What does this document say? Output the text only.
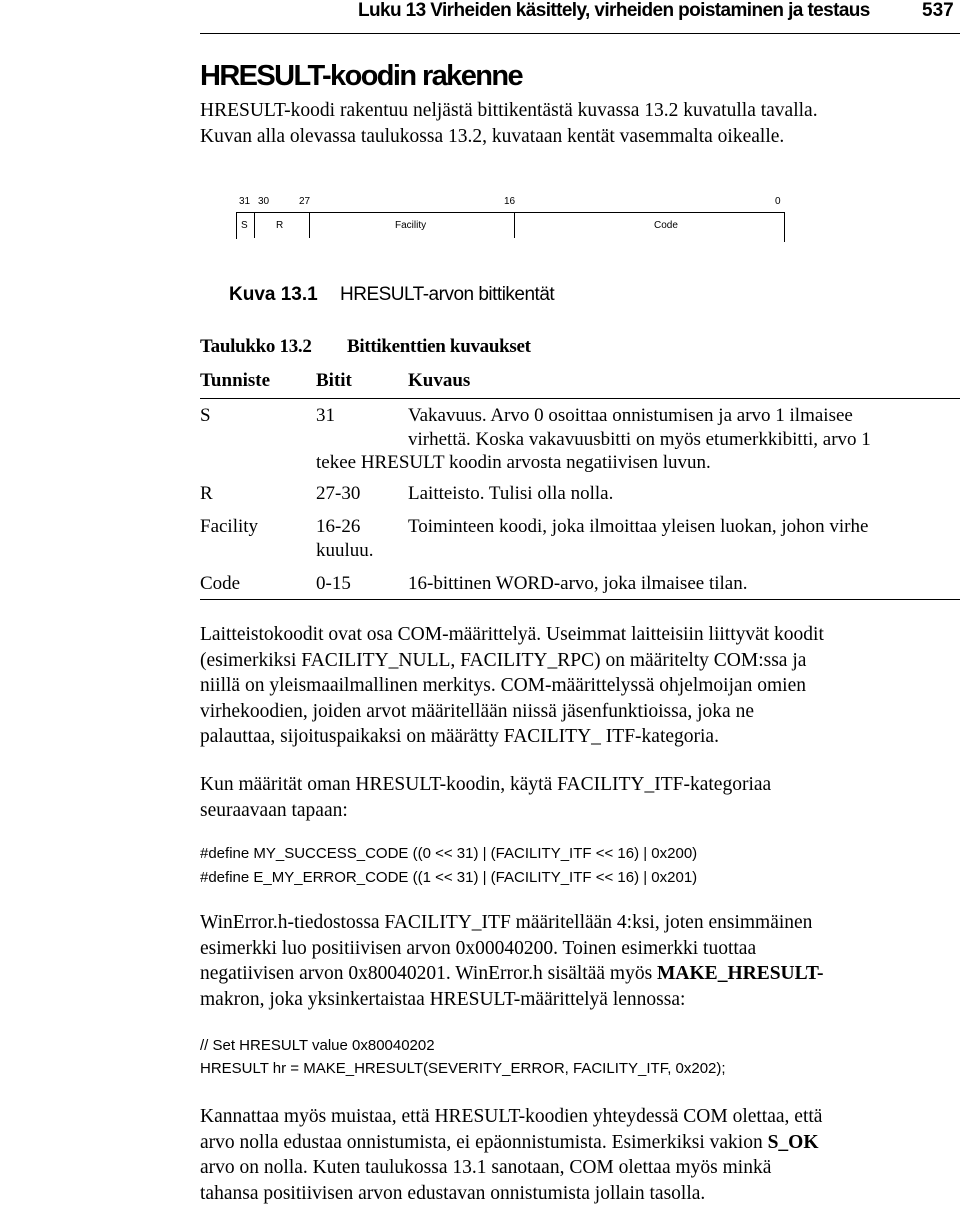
Luku 13 Virheiden käsittely, virheiden poistaminen ja testaus	537
HRESULT-koodin rakenne
HRESULT-koodi rakentuu neljästä bittikentästä kuvassa 13.2 kuvatulla tavalla.
Kuvan alla olevassa taulukossa 13.2, kuvataan kentät vasemmalta oikealle.
31 30	27	16	0
S	R	Facility	Code
Kuva 13.1 HRESULT-arvon bittikentät
Taulukko 13.2 Bittikenttien kuvaukset
Tunniste Bitit	Kuvaus
S	31	Vakavuus. Arvo 0 osoittaa onnistumisen ja arvo 1 ilmaisee
virhettä. Koska vakavuusbitti on myös etumerkkibitti, arvo 1
tekee HRESULT koodin arvosta negatiivisen luvun.
R	27-30	Laitteisto. Tulisi olla nolla.
Facility	16-26	Toiminteen koodi, joka ilmoittaa yleisen luokan, johon virhe
kuuluu.
Code	0-15	16-bittinen WORD-arvo, joka ilmaisee tilan.
Laitteistokoodit ovat osa COM-määrittelyä. Useimmat laitteisiin liittyvät koodit
(esimerkiksi FACILITY_NULL, FACILITY_RPC) on määritelty COM:ssa ja
niillä on yleismaailmallinen merkitys. COM-määrittelyssä ohjelmoijan omien
virhekoodien, joiden arvot määritellään niissä jäsenfunktioissa, joka ne
palauttaa, sijoituspaikaksi on määrätty FACILITY_ ITF-kategoria.
Kun määrität oman HRESULT-koodin, käytä FACILITY_ITF-kategoriaa
seuraavaan tapaan:
#define MY_SUCCESS_CODE ((0 << 31) | (FACILITY_ITF << 16) | 0x200)
#define E_MY_ERROR_CODE ((1 << 31) | (FACILITY_ITF << 16) | 0x201)
WinError.h-tiedostossa FACILITY_ITF määritellään 4:ksi, joten ensimmäinen
esimerkki luo positiivisen arvon 0x00040200. Toinen esimerkki tuottaa
negatiivisen arvon 0x80040201. WinError.h sisältää myös MAKE_HRESULT-
makron, joka yksinkertaistaa HRESULT-määrittelyä lennossa:
// Set HRESULT value 0x80040202
HRESULT hr = MAKE_HRESULT(SEVERITY_ERROR, FACILITY_ITF, 0x202);
Kannattaa myös muistaa, että HRESULT-koodien yhteydessä COM olettaa, että
arvo nolla edustaa onnistumista, ei epäonnistumista. Esimerkiksi vakion S_OK
arvo on nolla. Kuten taulukossa 13.1 sanotaan, COM olettaa myös minkä
tahansa positiivisen arvon edustavan onnistumista jollain tasolla.
